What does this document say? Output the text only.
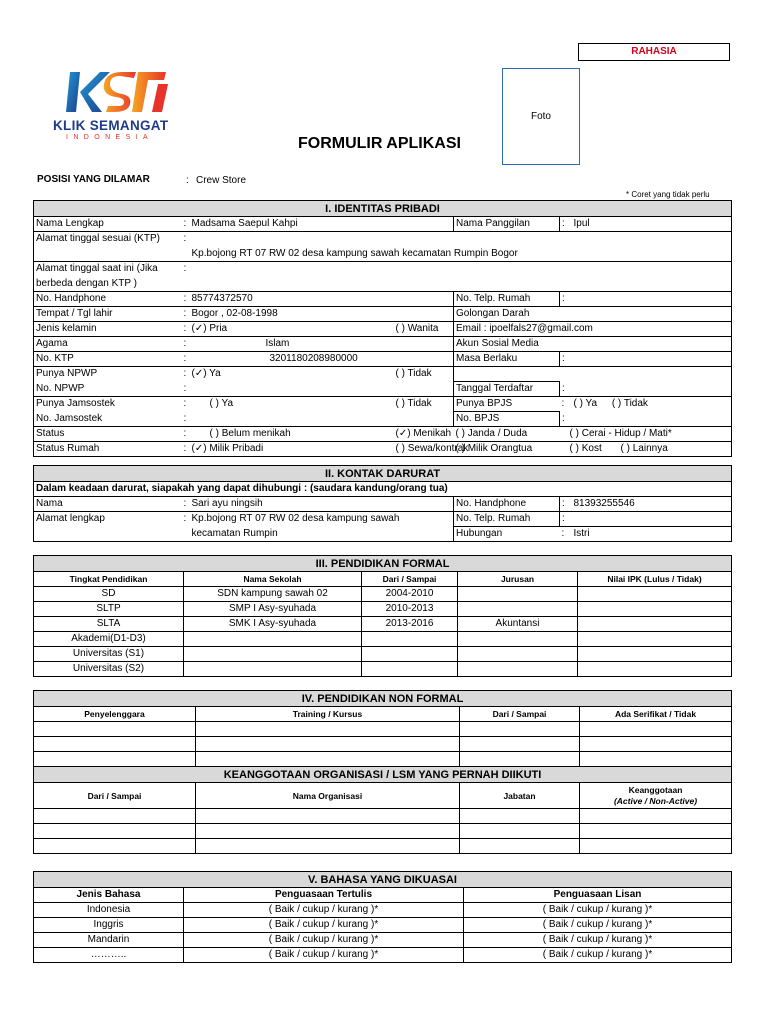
RAHASIA
KLIK SEMANGAT
INDONESIA
Foto
FORMULIR APLIKASI
POSISI YANG DILAMAR	: Crew Store
* Coret yang tidak perlu
I. IDENTITAS PRIBADI						
Nama Lengkap	:	Madsama Saepul Kahpi		Nama Panggilan	:	Ipul
Alamat tinggal sesuai (KTP)	:					
		Kp.bojong RT 07 RW 02 desa kampung sawah kecamatan Rumpin Bogor				
Alamat tinggal saat ini (Jika	:					
berbeda dengan KTP )						
No. Handphone	:	85774372570		No. Telp. Rumah	:	
Tempat / Tgl lahir	:	Bogor , 02-08-1998		Golongan Darah		
Jenis kelamin	:	(✓) Pria	( ) Wanita	Email : ipoelfals27@gmail.com		
Agama	:	Islam		Akun Sosial Media		
No. KTP	:	3201180208980000		Masa Berlaku	:	
Punya NPWP	:	(✓) Ya	( ) Tidak			
No. NPWP	:			Tanggal Terdaftar	:	
Punya Jamsostek	:	( ) Ya	( ) Tidak	Punya BPJS	:	( ) Ya ( ) Tidak
No. Jamsostek	:			No. BPJS	:	
Status	:	( ) Belum menikah	(✓) Menikah	( ) Janda / Duda	( ) Cerai - Hidup / Mati*	
Status Rumah	:	(✓) Milik Pribadi	( ) Sewa/kontrak	( ) Milik Orangtua	( ) Kost ( ) Lainnya	
II. KONTAK DARURAT					
Dalam keadaan darurat, siapakah yang dapat dihubungi : (saudara kandung/orang tua)					
Nama	:	Sari ayu ningsih	No. Handphone	:	81393255546
Alamat lengkap	:	Kp.bojong RT 07 RW 02 desa kampung sawah	No. Telp. Rumah	:	
		kecamatan Rumpin	Hubungan	:	Istri
III. PENDIDIKAN FORMAL				
Tingkat Pendidikan	Nama Sekolah	Dari / Sampai	Jurusan	Nilai IPK (Lulus / Tidak)
SD	SDN kampung sawah 02	2004-2010		
SLTP	SMP I Asy-syuhada	2010-2013		
SLTA	SMK I Asy-syuhada	2013-2016	Akuntansi	
Akademi(D1-D3)				
Universitas (S1)				
Universitas (S2)				
IV. PENDIDIKAN NON FORMAL			
Penyelenggara	Training / Kursus	Dari / Sampai	Ada Serifikat / Tidak

KEANGGOTAAN ORGANISASI / LSM YANG PERNAH DIIKUTI			
Dari / Sampai	Nama Organisasi	Jabatan	Keanggotaan
(Active / Non-Active)

V. BAHASA YANG DIKUASAI		
Jenis Bahasa	Penguasaan Tertulis	Penguasaan Lisan
Indonesia	( Baik / cukup / kurang )*	( Baik / cukup / kurang )*
Inggris	( Baik / cukup / kurang )*	( Baik / cukup / kurang )*
Mandarin	( Baik / cukup / kurang )*	( Baik / cukup / kurang )*
………..	( Baik / cukup / kurang )*	( Baik / cukup / kurang )*
